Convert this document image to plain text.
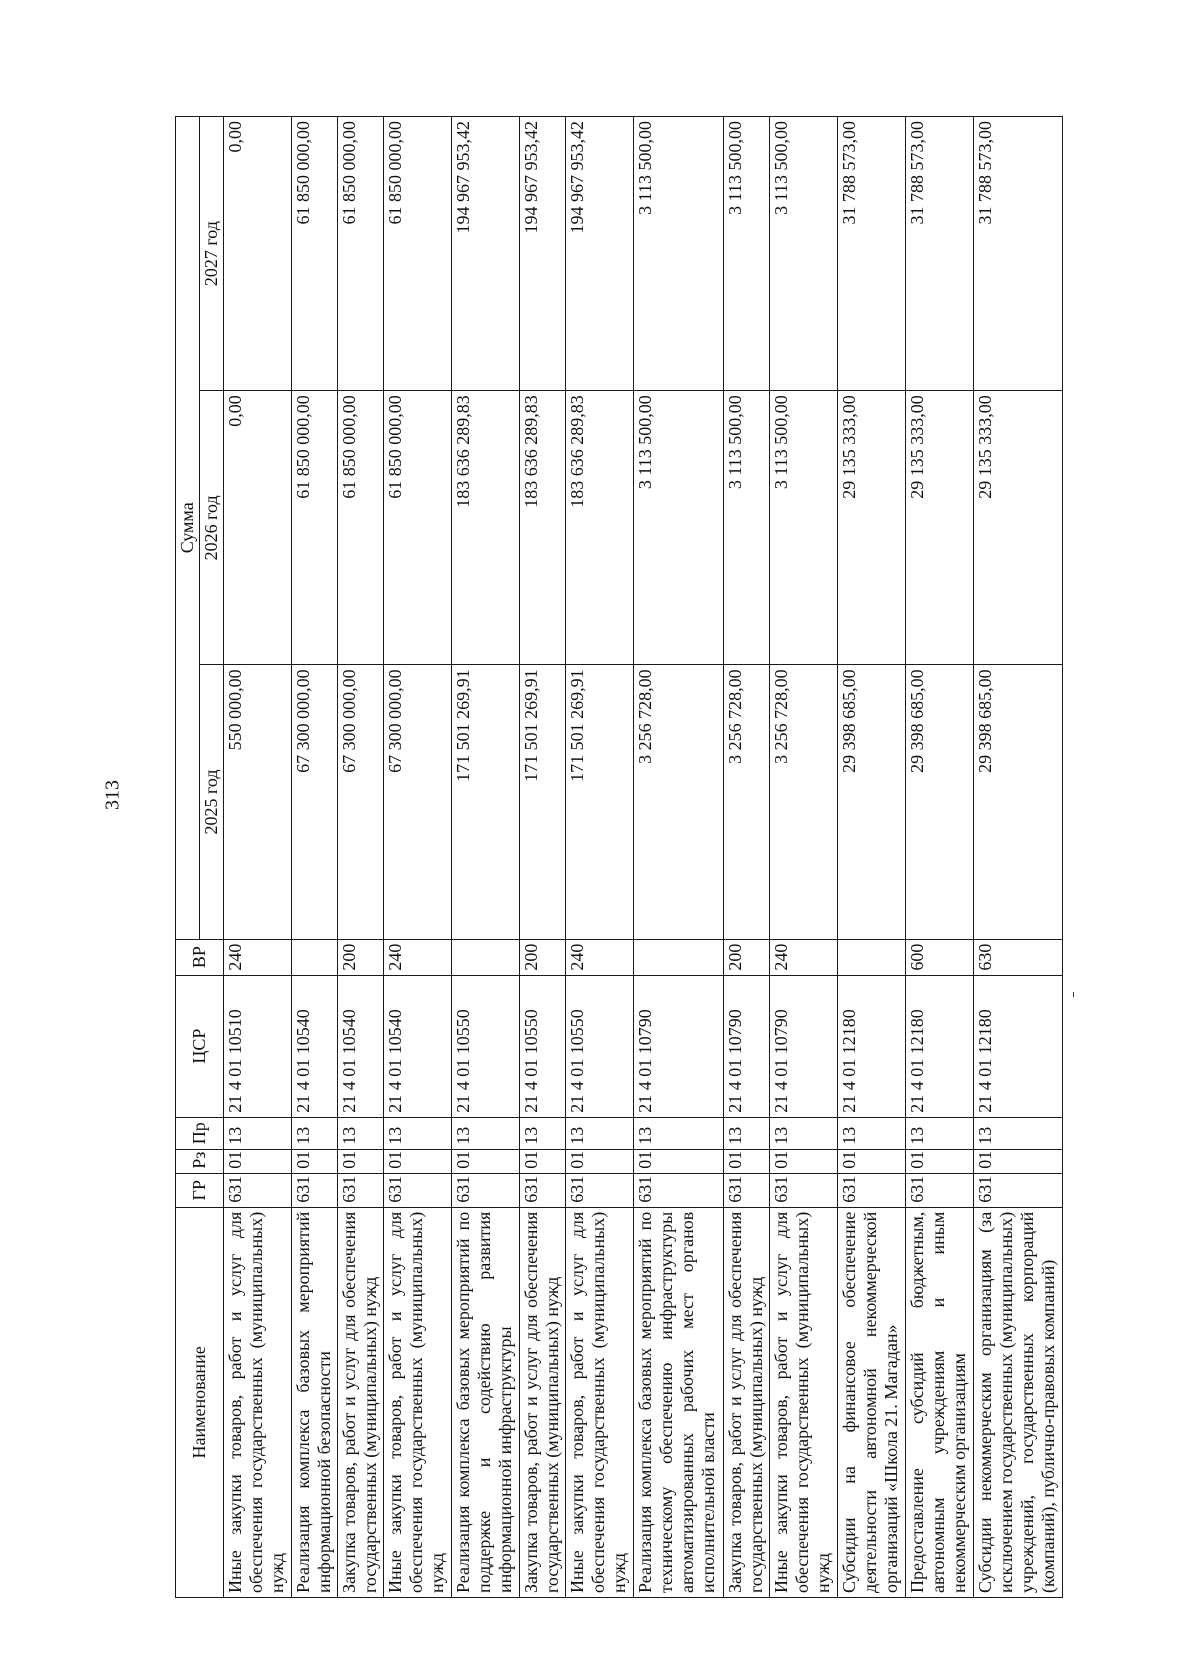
313
Наименование	ГР	Рз	Пр	ЦСР	ВР	Сумма		
						2025 год	2026 год	2027 год
Иные закупки товаров, работ и услуг для обеспечения государственных (муниципальных) нужд	631	01	13	21 4 01 10510	240	550 000,00	0,00	0,00
Реализация комплекса базовых мероприятий информационной безопасности	631	01	13	21 4 01 10540		67 300 000,00	61 850 000,00	61 850 000,00
Закупка товаров, работ и услуг для обеспечения государственных (муниципальных) нужд	631	01	13	21 4 01 10540	200	67 300 000,00	61 850 000,00	61 850 000,00
Иные закупки товаров, работ и услуг для обеспечения государственных (муниципальных) нужд	631	01	13	21 4 01 10540	240	67 300 000,00	61 850 000,00	61 850 000,00
Реализация комплекса базовых мероприятий по поддержке и содействию развития информационной инфраструктуры	631	01	13	21 4 01 10550		171 501 269,91	183 636 289,83	194 967 953,42
Закупка товаров, работ и услуг для обеспечения государственных (муниципальных) нужд	631	01	13	21 4 01 10550	200	171 501 269,91	183 636 289,83	194 967 953,42
Иные закупки товаров, работ и услуг для обеспечения государственных (муниципальных) нужд	631	01	13	21 4 01 10550	240	171 501 269,91	183 636 289,83	194 967 953,42
Реализация комплекса базовых мероприятий по техническому обеспечению инфраструктуры автоматизированных рабочих мест органов исполнительной власти	631	01	13	21 4 01 10790		3 256 728,00	3 113 500,00	3 113 500,00
Закупка товаров, работ и услуг для обеспечения государственных (муниципальных) нужд	631	01	13	21 4 01 10790	200	3 256 728,00	3 113 500,00	3 113 500,00
Иные закупки товаров, работ и услуг для обеспечения государственных (муниципальных) нужд	631	01	13	21 4 01 10790	240	3 256 728,00	3 113 500,00	3 113 500,00
Субсидии на финансовое обеспечение деятельности автономной некоммерческой организаций «Школа 21. Магадан»	631	01	13	21 4 01 12180		29 398 685,00	29 135 333,00	31 788 573,00
Предоставление субсидий бюджетным, автономным учреждениям и иным некоммерческим организациям	631	01	13	21 4 01 12180	600	29 398 685,00	29 135 333,00	31 788 573,00
Субсидии некоммерческим организациям (за исключением государственных (муниципальных) учреждений, государственных корпораций (компаний), публично-правовых компаний)	631	01	13	21 4 01 12180	630	29 398 685,00	29 135 333,00	31 788 573,00
